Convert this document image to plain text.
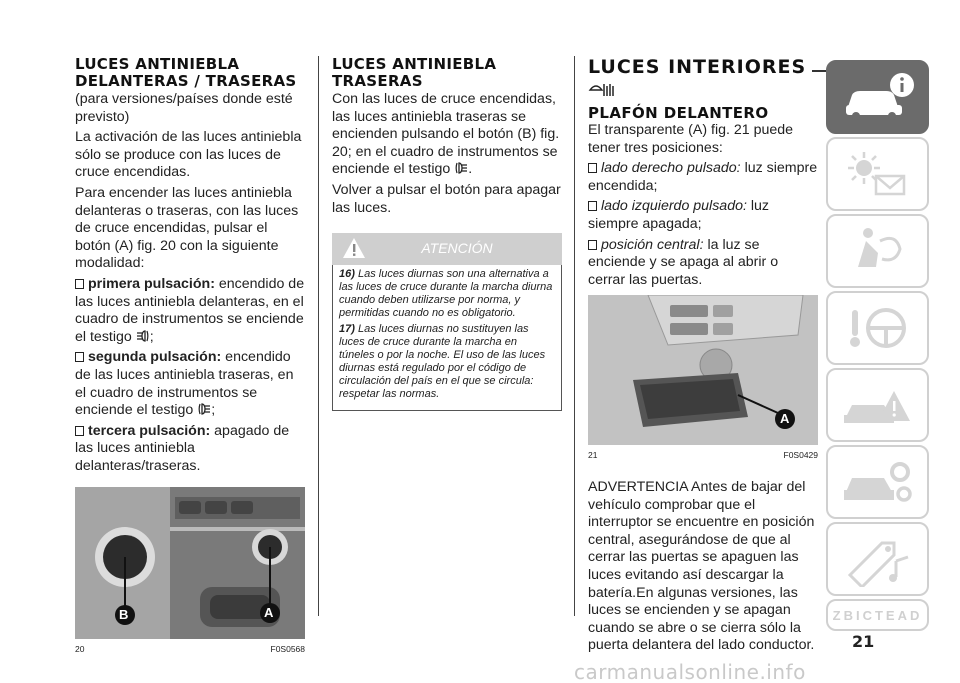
LUCES ANTINIEBLA DELANTERAS / TRASERAS

(para versiones/países donde esté previsto)

La activación de las luces antiniebla sólo se produce con las luces de cruce encendidas.

Para encender las luces antiniebla delanteras o traseras, con las luces de cruce encendidas, pulsar el botón (A) fig. 20 con la siguiente modalidad:

primera pulsación: encendido de las luces antiniebla delanteras, en el cuadro de instrumentos se enciende el testigo ;

segunda pulsación: encendido de las luces antiniebla traseras, en el cuadro de instrumentos se enciende el testigo ;

tercera pulsación: apagado de las luces antiniebla delanteras/traseras.

B	A
20	F0S0568
LUCES ANTINIEBLA TRASERAS

Con las luces de cruce encendidas, las luces antiniebla traseras se encienden pulsando el botón (B) fig. 20; en el cuadro de instrumentos se enciende el testigo .

Volver a pulsar el botón para apagar las luces.

ATENCIÓN

16) Las luces diurnas son una alternativa a las luces de cruce durante la marcha diurna cuando deben utilizarse por norma, y permitidas cuando no es obligatorio.

17) Las luces diurnas no sustituyen las luces de cruce durante la marcha en túneles o por la noche. El uso de las luces diurnas está regulado por el código de circulación del país en el que se circula: respetar las normas.

LUCES INTERIORES
PLAFÓN DELANTERO

El transparente (A) fig. 21 puede tener tres posiciones:

lado derecho pulsado: luz siempre encendida;

lado izquierdo pulsado: luz siempre apagada;

posición central: la luz se enciende y se apaga al abrir o cerrar las puertas.

A
21	F0S0429

ADVERTENCIA Antes de bajar del vehículo comprobar que el interruptor se encuentre en posición central, asegurándose de que al cerrar las puertas se apaguen las luces evitando así descargar la batería.En algunas versiones, las luces se encienden y se apagan cuando se abre o se cierra sólo la puerta delantera del lado conductor.

ZBICTEAD
21
carmanualsonline.info
